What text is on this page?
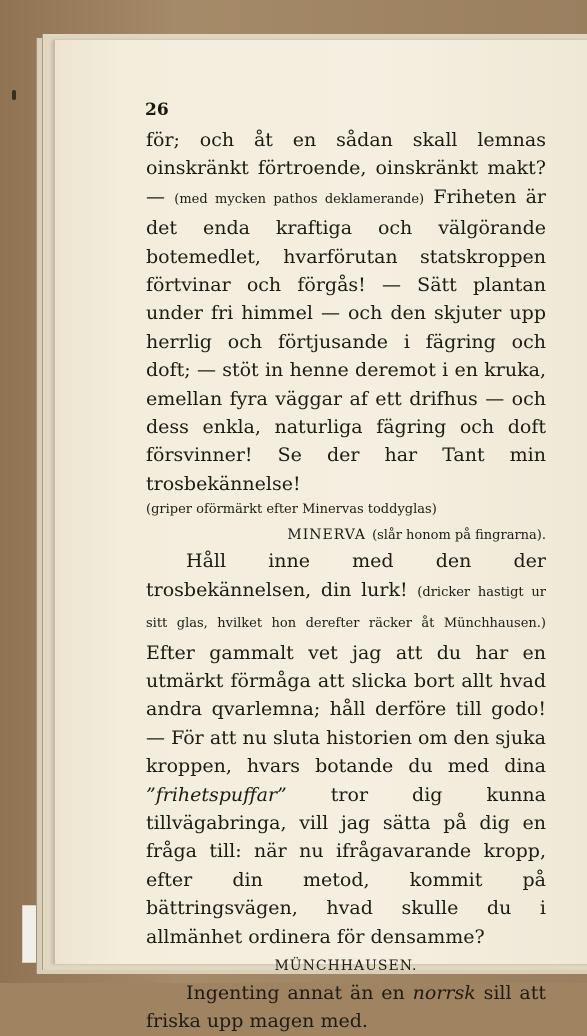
26

för; och åt en sådan skall lemnas oinskränkt förtroende, oinskränkt makt? — (med mycken pathos deklamerande) Friheten är det enda kraftiga och välgörande botemedlet, hvarförutan statskroppen förtvinar och förgås! — Sätt plantan under fri himmel — och den skjuter upp herrlig och förtjusande i fägring och doft; — stöt in henne deremot i en kruka, emellan fyra väggar af ett drifhus — och dess enkla, naturliga fägring och doft försvinner! Se der har Tant min trosbekännelse!

(griper oförmärkt efter Minervas toddyglas)

MINERVA (slår honom på fingrarna).

Håll inne med den der trosbekännelsen, din lurk! (dricker hastigt ur sitt glas, hvilket hon derefter räcker åt Münchhausen.) Efter gammalt vet jag att du har en utmärkt förmåga att slicka bort allt hvad andra qvarlemna; håll derföre till godo! — För att nu sluta historien om den sjuka kroppen, hvars botande du med dina ”frihetspuffar” tror dig kunna tillvägabringa, vill jag sätta på dig en fråga till: när nu ifrågavarande kropp, efter din metod, kommit på bättringsvägen, hvad skulle du i allmänhet ordinera för densamme?

MÜNCHHAUSEN.

Ingenting annat än en norrsk sill att friska upp magen med.
